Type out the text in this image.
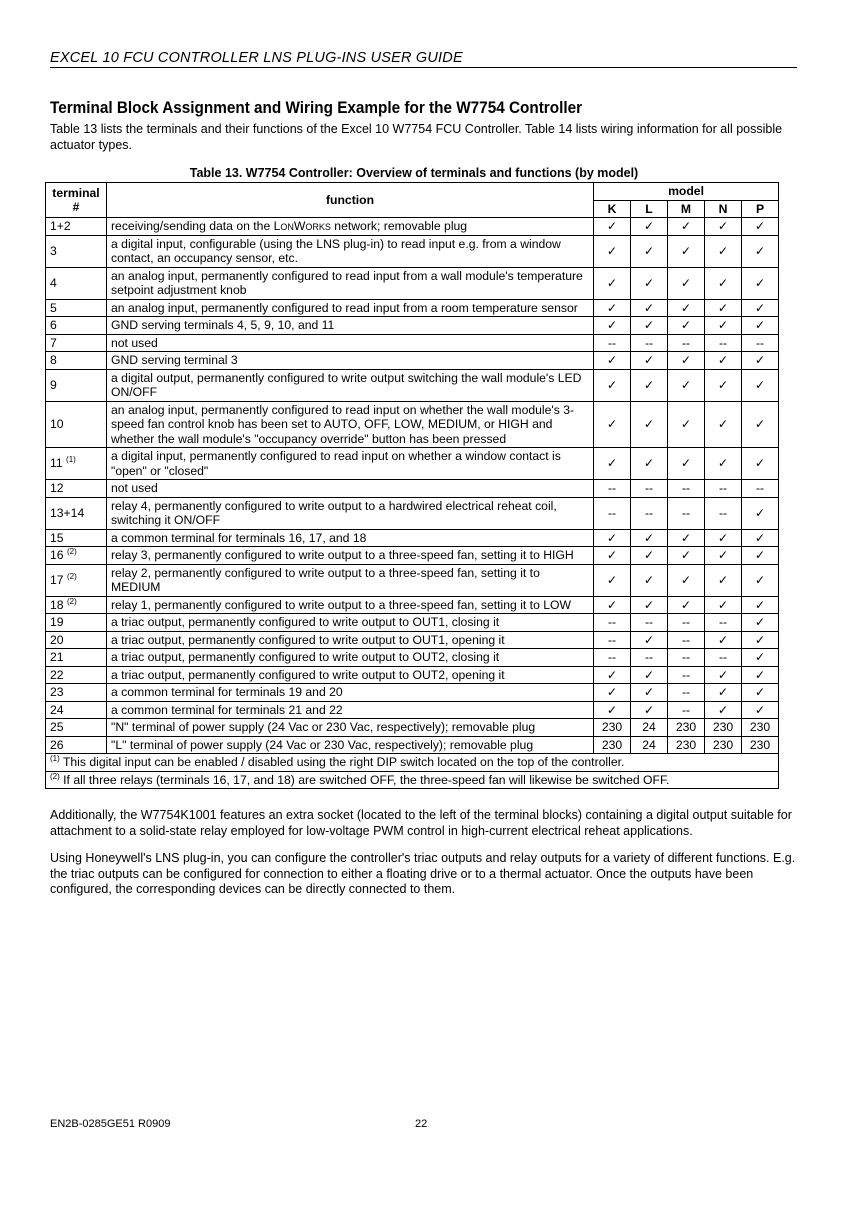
EXCEL 10 FCU CONTROLLER LNS PLUG-INS USER GUIDE
Terminal Block Assignment and Wiring Example for the W7754 Controller
Table 13 lists the terminals and their functions of the Excel 10 W7754 FCU Controller. Table 14 lists wiring information for all possible actuator types.
Table 13. W7754 Controller: Overview of terminals and functions (by model)
terminal #	function	model				
		K	L	M	N	P
1+2	receiving/sending data on the LonWorks network; removable plug	✓	✓	✓	✓	✓
3	a digital input, configurable (using the LNS plug-in) to read input e.g. from a window contact, an occupancy sensor, etc.	✓	✓	✓	✓	✓
4	an analog input, permanently configured to read input from a wall module's temperature setpoint adjustment knob	✓	✓	✓	✓	✓
5	an analog input, permanently configured to read input from a room temperature sensor	✓	✓	✓	✓	✓
6	GND serving terminals 4, 5, 9, 10, and 11	✓	✓	✓	✓	✓
7	not used	--	--	--	--	--
8	GND serving terminal 3	✓	✓	✓	✓	✓
9	a digital output, permanently configured to write output switching the wall module's LED ON/OFF	✓	✓	✓	✓	✓
10	an analog input, permanently configured to read input on whether the wall module's 3-speed fan control knob has been set to AUTO, OFF, LOW, MEDIUM, or HIGH and whether the wall module's "occupancy override" button has been pressed	✓	✓	✓	✓	✓
11 $^{(1)}$	a digital input, permanently configured to read input on whether a window contact is "open" or "closed"	✓	✓	✓	✓	✓
12	not used	--	--	--	--	--
13+14	relay 4, permanently configured to write output to a hardwired electrical reheat coil, switching it ON/OFF	--	--	--	--	✓
15	a common terminal for terminals 16, 17, and 18	✓	✓	✓	✓	✓
16 $^{(2)}$	relay 3, permanently configured to write output to a three-speed fan, setting it to HIGH	✓	✓	✓	✓	✓
17 $^{(2)}$	relay 2, permanently configured to write output to a three-speed fan, setting it to MEDIUM	✓	✓	✓	✓	✓
18 $^{(2)}$	relay 1, permanently configured to write output to a three-speed fan, setting it to LOW	✓	✓	✓	✓	✓
19	a triac output, permanently configured to write output to OUT1, closing it	--	--	--	--	✓
20	a triac output, permanently configured to write output to OUT1, opening it	--	✓	--	✓	✓
21	a triac output, permanently configured to write output to OUT2, closing it	--	--	--	--	✓
22	a triac output, permanently configured to write output to OUT2, opening it	✓	✓	--	✓	✓
23	a common terminal for terminals 19 and 20	✓	✓	--	✓	✓
24	a common terminal for terminals 21 and 22	✓	✓	--	✓	✓
25	"N" terminal of power supply (24 Vac or 230 Vac, respectively); removable plug	230	24	230	230	230
26	"L" terminal of power supply (24 Vac or 230 Vac, respectively); removable plug	230	24	230	230	230
$^{(1)}$ This digital input can be enabled / disabled using the right DIP switch located on the top of the controller.						
$^{(2)}$ If all three relays (terminals 16, 17, and 18) are switched OFF, the three-speed fan will likewise be switched OFF.						
Additionally, the W7754K1001 features an extra socket (located to the left of the terminal blocks) containing a digital output suitable for attachment to a solid-state relay employed for low-voltage PWM control in high-current electrical reheat applications.
Using Honeywell's LNS plug-in, you can configure the controller's triac outputs and relay outputs for a variety of different functions. E.g. the triac outputs can be configured for connection to either a floating drive or to a thermal actuator. Once the outputs have been configured, the corresponding devices can be directly connected to them.
EN2B-0285GE51 R0909	22
